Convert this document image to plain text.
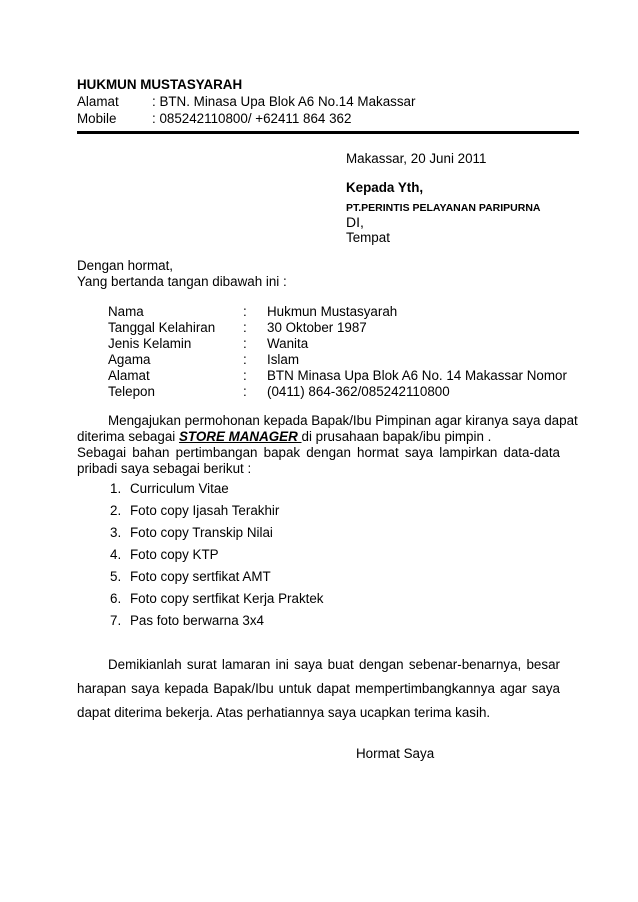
HUKMUN MUSTASYARAH
Alamat : BTN. Minasa Upa Blok A6 No.14 Makassar
Mobile	: 085242110800/ +62411 864 362
Makassar, 20 Juni 2011
Kepada Yth,
PT.PERINTIS PELAYANAN PARIPURNA
DI,
Tempat
Dengan hormat,
Yang bertanda tangan dibawah ini :
Nama	: Hukmun Mustasyarah
Tanggal Kelahiran : 30 Oktober 1987
Jenis Kelamin	: Wanita
Agama	: Islam
Alamat	: BTN Minasa Upa Blok A6 No. 14 Makassar Nomor
Telepon	: (0411) 864-362/085242110800
Mengajukan permohonan kepada Bapak/Ibu Pimpinan agar kiranya saya dapat
diterima sebagai STORE MANAGER di prusahaan bapak/ibu pimpin .
Sebagai bahan pertimbangan bapak dengan hormat saya lampirkan data-data
pribadi saya sebagai berikut :
1. Curriculum Vitae
2. Foto copy Ijasah Terakhir
3. Foto copy Transkip Nilai
4. Foto copy KTP
5. Foto copy sertfikat AMT
6. Foto copy sertfikat Kerja Praktek
7. Pas foto berwarna 3x4
Demikianlah surat lamaran ini saya buat dengan sebenar-benarnya, besar
harapan saya kepada Bapak/Ibu untuk dapat mempertimbangkannya agar saya
dapat diterima bekerja. Atas perhatiannya saya ucapkan terima kasih.
Hormat Saya
